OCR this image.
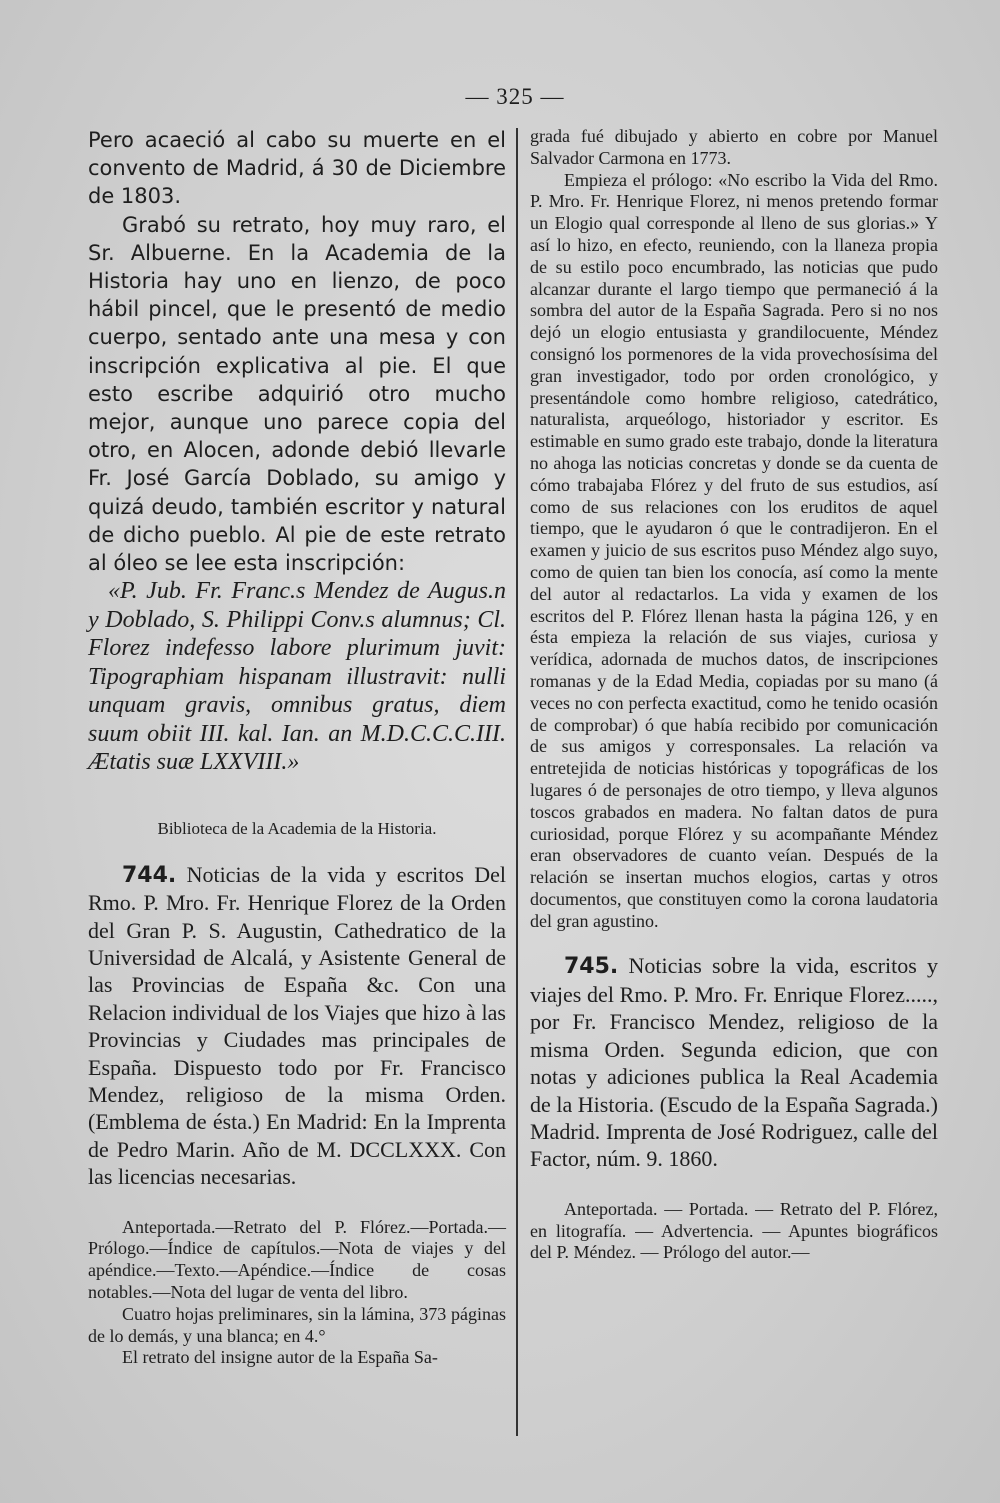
— 325 —

Pero acaeció al cabo su muerte en el convento de Madrid, á 30 de Diciembre de 1803.

Grabó su retrato, hoy muy raro, el Sr. Albuerne. En la Academia de la Historia hay uno en lienzo, de poco hábil pincel, que le presentó de medio cuerpo, sentado ante una mesa y con inscripción explicativa al pie. El que esto escribe adquirió otro mucho mejor, aunque uno parece copia del otro, en Alocen, adonde debió llevarle Fr. José García Doblado, su amigo y quizá deudo, también escritor y natural de dicho pueblo. Al pie de este retrato al óleo se lee esta inscripción:

«P. Jub. Fr. Franc.s Mendez de Augus.n y Doblado, S. Philippi Conv.s alumnus; Cl. Florez indefesso labore plurimum juvit: Tipographiam hispanam illustravit: nulli unquam gravis, omnibus gratus, diem suum obiit III. kal. Ian. an M.D.C.C.C.III. Ætatis suæ LXXVIII.»

Biblioteca de la Academia de la Historia.

744. Noticias de la vida y escritos Del Rmo. P. Mro. Fr. Henrique Florez de la Orden del Gran P. S. Augustin, Cathedratico de la Universidad de Alcalá, y Asistente General de las Provincias de España &c. Con una Relacion individual de los Viajes que hizo à las Provincias y Ciudades mas principales de España. Dispuesto todo por Fr. Francisco Mendez, religioso de la misma Orden. (Emblema de ésta.) En Madrid: En la Imprenta de Pedro Marin. Año de M. DCCLXXX. Con las licencias necesarias.

Anteportada.—Retrato del P. Flórez.—Portada.—Prólogo.—Índice de capítulos.—Nota de viajes y del apéndice.—Texto.—Apéndice.—Índice de cosas notables.—Nota del lugar de venta del libro.

Cuatro hojas preliminares, sin la lámina, 373 páginas de lo demás, y una blanca; en 4.°

El retrato del insigne autor de la España Sa-

grada fué dibujado y abierto en cobre por Manuel Salvador Carmona en 1773.

Empieza el prólogo: «No escribo la Vida del Rmo. P. Mro. Fr. Henrique Florez, ni menos pretendo formar un Elogio qual corresponde al lleno de sus glorias.» Y así lo hizo, en efecto, reuniendo, con la llaneza propia de su estilo poco encumbrado, las noticias que pudo alcanzar durante el largo tiempo que permaneció á la sombra del autor de la España Sagrada. Pero si no nos dejó un elogio entusiasta y grandilocuente, Méndez consignó los pormenores de la vida provechosísima del gran investigador, todo por orden cronológico, y presentándole como hombre religioso, catedrático, naturalista, arqueólogo, historiador y escritor. Es estimable en sumo grado este trabajo, donde la literatura no ahoga las noticias concretas y donde se da cuenta de cómo trabajaba Flórez y del fruto de sus estudios, así como de sus relaciones con los eruditos de aquel tiempo, que le ayudaron ó que le contradijeron. En el examen y juicio de sus escritos puso Méndez algo suyo, como de quien tan bien los conocía, así como la mente del autor al redactarlos. La vida y examen de los escritos del P. Flórez llenan hasta la página 126, y en ésta empieza la relación de sus viajes, curiosa y verídica, adornada de muchos datos, de inscripciones romanas y de la Edad Media, copiadas por su mano (á veces no con perfecta exactitud, como he tenido ocasión de comprobar) ó que había recibido por comunicación de sus amigos y corresponsales. La relación va entretejida de noticias históricas y topográficas de los lugares ó de personajes de otro tiempo, y lleva algunos toscos grabados en madera. No faltan datos de pura curiosidad, porque Flórez y su acompañante Méndez eran observadores de cuanto veían. Después de la relación se insertan muchos elogios, cartas y otros documentos, que constituyen como la corona laudatoria del gran agustino.

745. Noticias sobre la vida, escritos y viajes del Rmo. P. Mro. Fr. Enrique Florez....., por Fr. Francisco Mendez, religioso de la misma Orden. Segunda edicion, que con notas y adiciones publica la Real Academia de la Historia. (Escudo de la España Sagrada.) Madrid. Imprenta de José Rodriguez, calle del Factor, núm. 9. 1860.

Anteportada. — Portada. — Retrato del P. Flórez, en litografía. — Advertencia. — Apuntes biográficos del P. Méndez. — Prólogo del autor.—
